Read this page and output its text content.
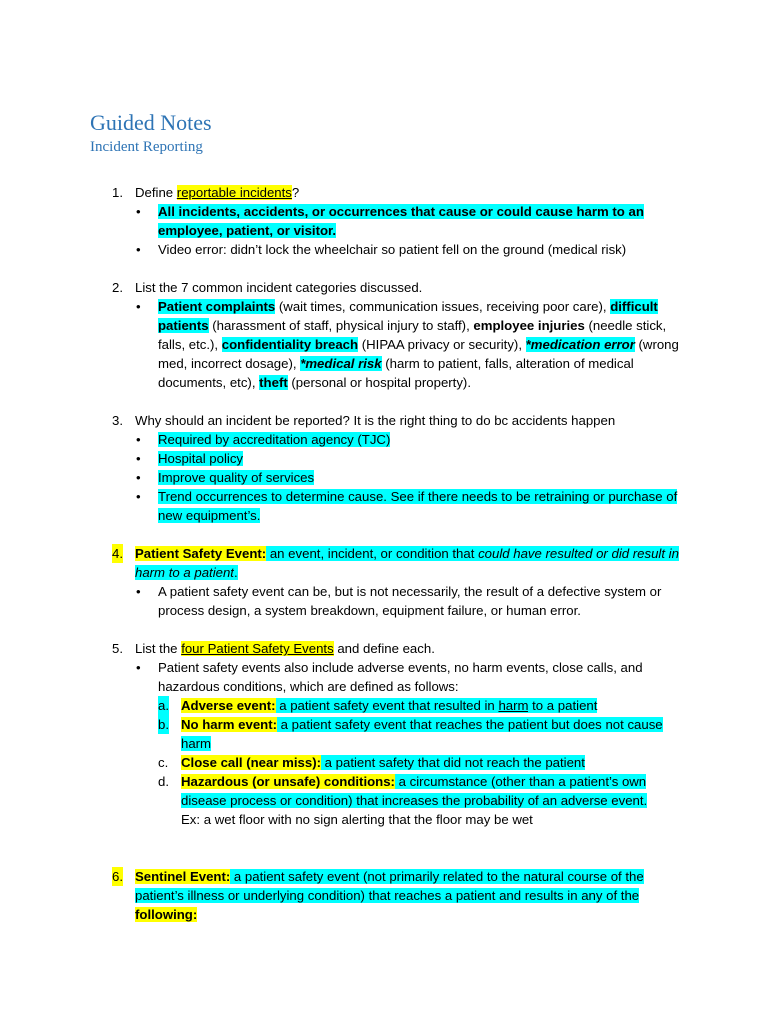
Guided Notes
Incident Reporting
1. Define reportable incidents?
• All incidents, accidents, or occurrences that cause or could cause harm to an employee, patient, or visitor.
• Video error: didn’t lock the wheelchair so patient fell on the ground (medical risk)
2. List the 7 common incident categories discussed.
• Patient complaints (wait times, communication issues, receiving poor care), difficult patients (harassment of staff, physical injury to staff), employee injuries (needle stick, falls, etc.), confidentiality breach (HIPAA privacy or security), *medication error (wrong med, incorrect dosage), *medical risk (harm to patient, falls, alteration of medical documents, etc), theft (personal or hospital property).
3. Why should an incident be reported? It is the right thing to do bc accidents happen
• Required by accreditation agency (TJC)
• Hospital policy
• Improve quality of services
• Trend occurrences to determine cause. See if there needs to be retraining or purchase of new equipment’s.
4. Patient Safety Event: an event, incident, or condition that could have resulted or did result in harm to a patient.
• A patient safety event can be, but is not necessarily, the result of a defective system or process design, a system breakdown, equipment failure, or human error.
5. List the four Patient Safety Events and define each.
• Patient safety events also include adverse events, no harm events, close calls, and hazardous conditions, which are defined as follows:
a. Adverse event: a patient safety event that resulted in harm to a patient
b. No harm event: a patient safety event that reaches the patient but does not cause harm
c. Close call (near miss): a patient safety that did not reach the patient
d. Hazardous (or unsafe) conditions: a circumstance (other than a patient’s own disease process or condition) that increases the probability of an adverse event.
Ex: a wet floor with no sign alerting that the floor may be wet
6. Sentinel Event: a patient safety event (not primarily related to the natural course of the patient’s illness or underlying condition) that reaches a patient and results in any of the following:
